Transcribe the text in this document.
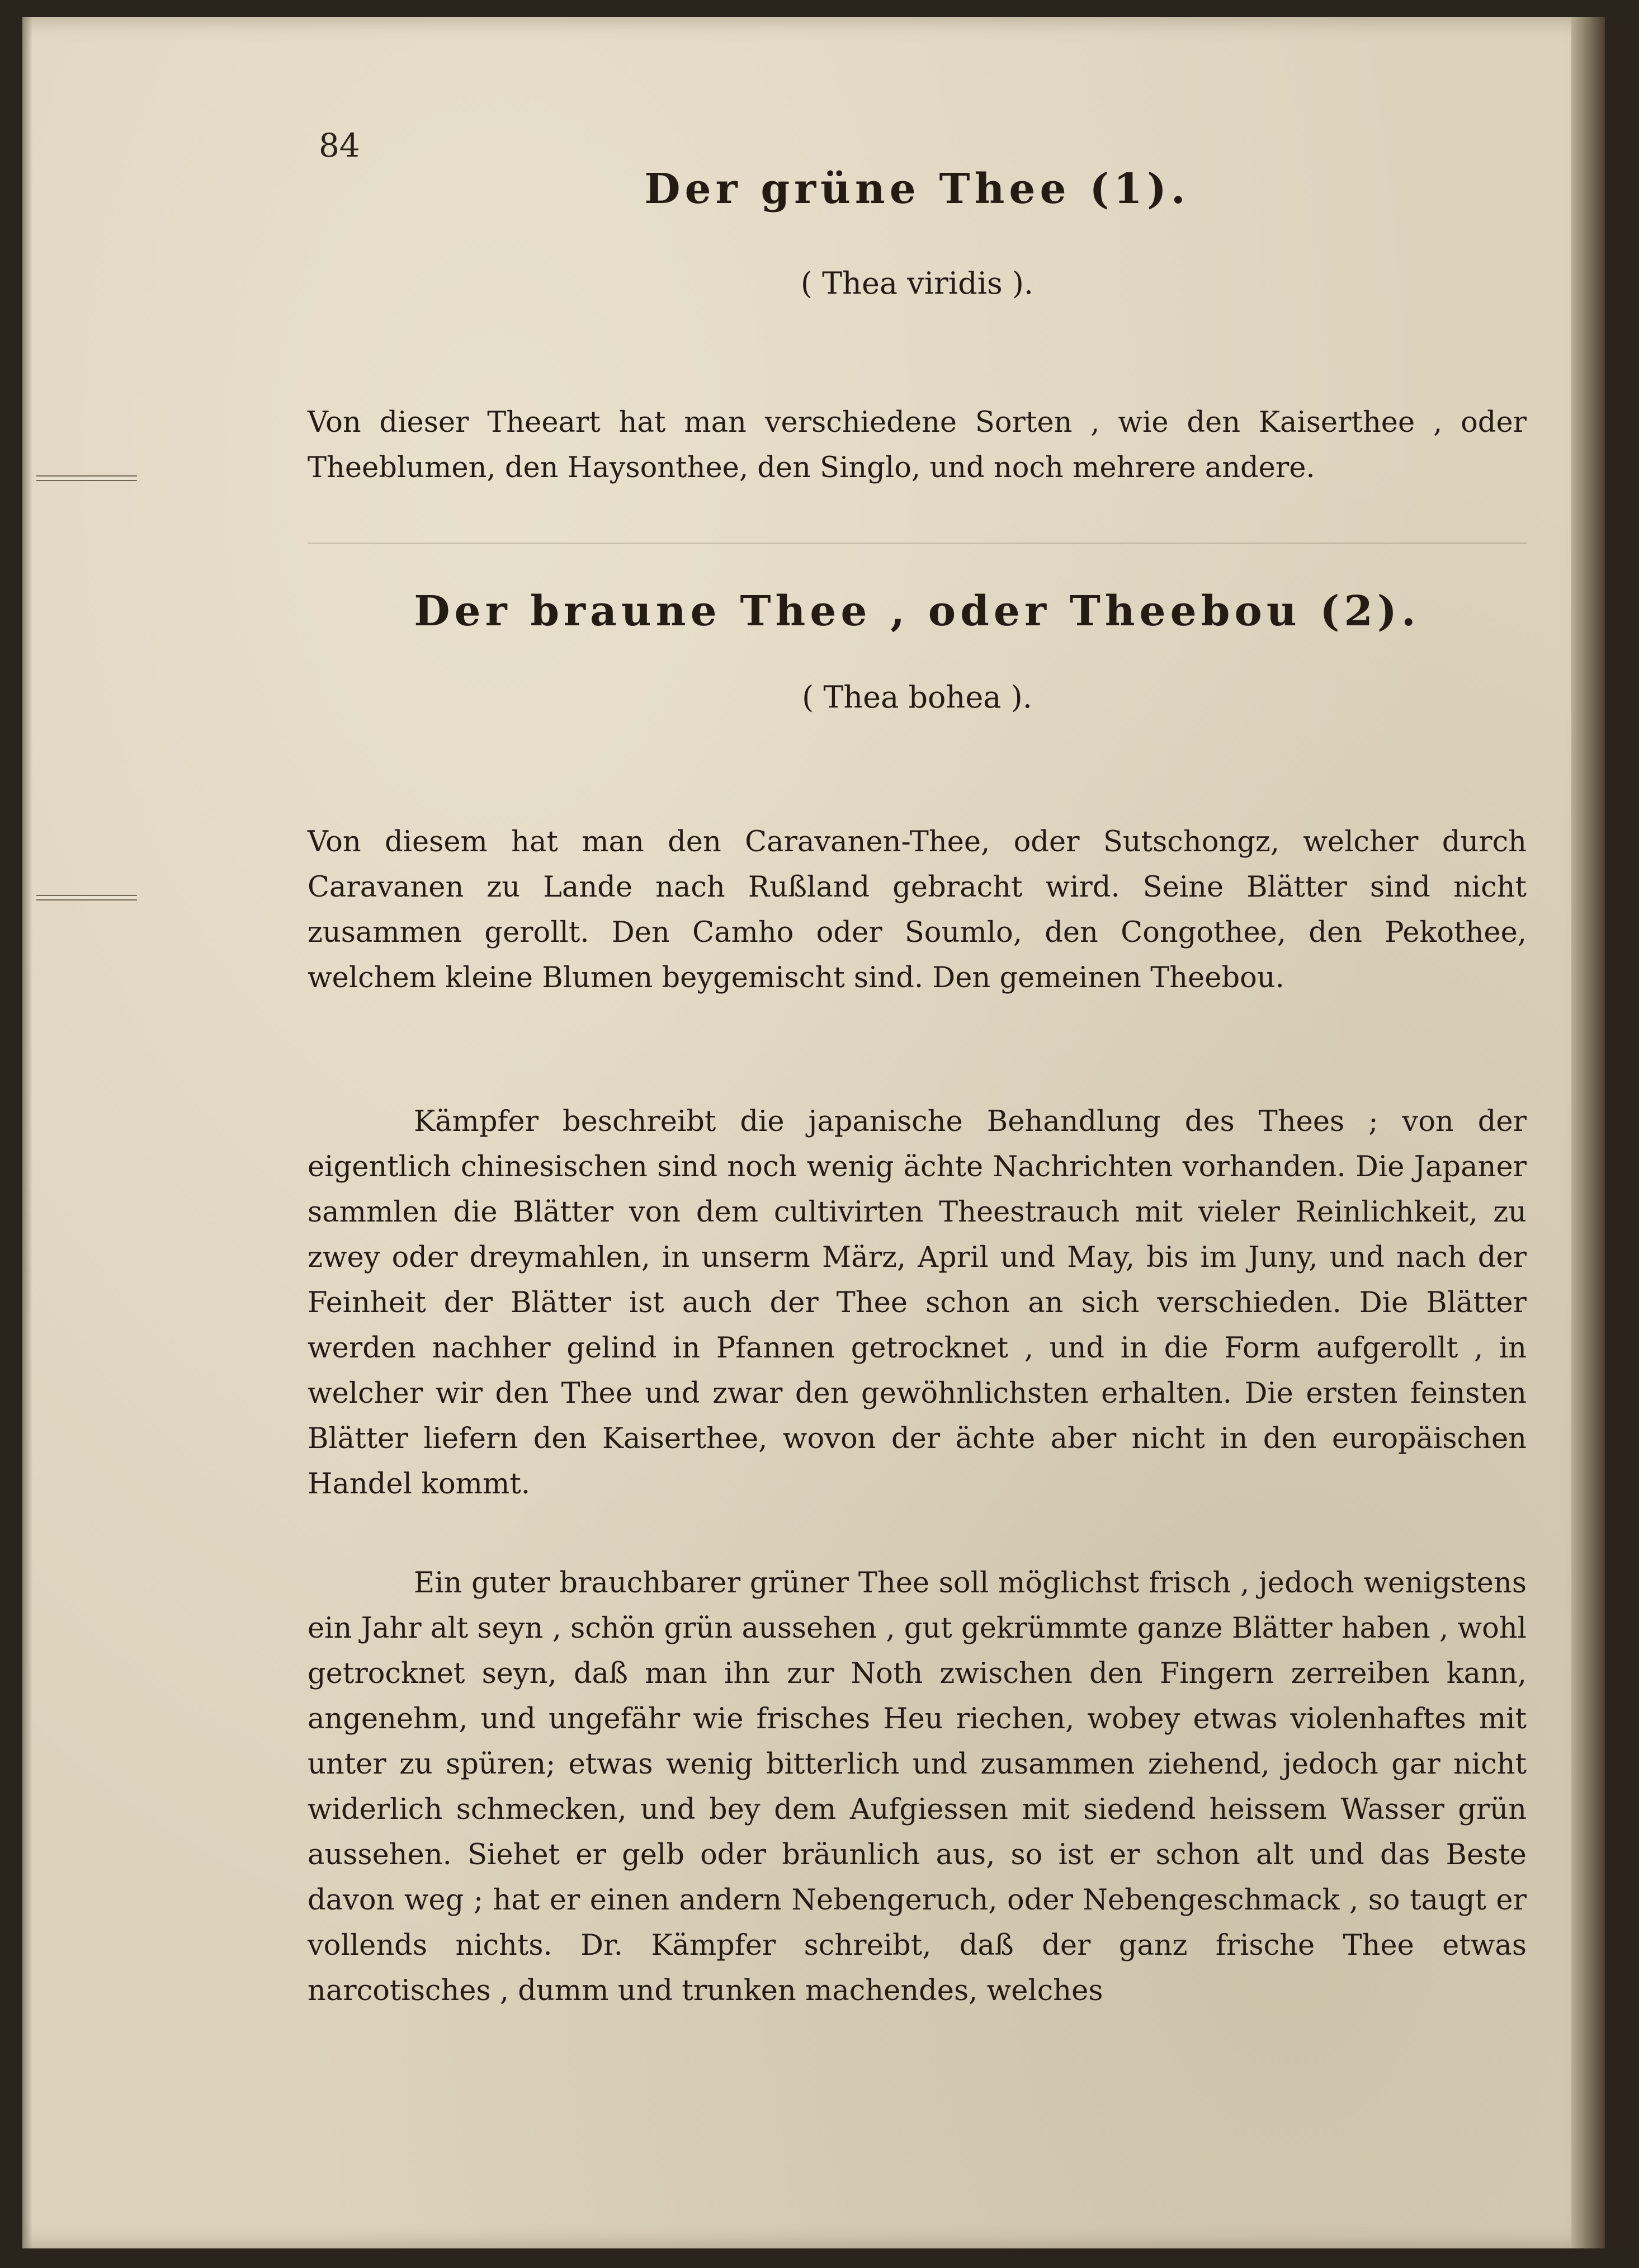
84
Der grüne Thee (1).
( Thea viridis ).
Von dieser Theeart hat man verschiedene Sorten , wie den Kaiserthee , oder Theeblumen, den Haysonthee, den Singlo, und noch mehrere andere.
Der braune Thee , oder Theebou (2).
( Thea bohea ).
Von diesem hat man den Caravanen-Thee, oder Sutschongz, welcher durch Caravanen zu Lande nach Rußland gebracht wird. Seine Blätter sind nicht zusammen gerollt. Den Camho oder Soumlo, den Congothee, den Pekothee, welchem kleine Blumen beygemischt sind. Den gemeinen Theebou.
Kämpfer beschreibt die japanische Behandlung des Thees ; von der eigentlich chinesischen sind noch wenig ächte Nachrichten vorhanden. Die Japaner sammlen die Blätter von dem cultivirten Theestrauch mit vieler Reinlichkeit, zu zwey oder dreymahlen, in unserm März, April und May, bis im Juny, und nach der Feinheit der Blätter ist auch der Thee schon an sich verschieden. Die Blätter werden nachher gelind in Pfannen getrocknet , und in die Form aufgerollt , in welcher wir den Thee und zwar den gewöhnlichsten erhalten. Die ersten feinsten Blätter liefern den Kaiserthee, wovon der ächte aber nicht in den europäischen Handel kommt.
Ein guter brauchbarer grüner Thee soll möglichst frisch , jedoch wenigstens ein Jahr alt seyn , schön grün aussehen , gut gekrümmte ganze Blätter haben , wohl getrocknet seyn, daß man ihn zur Noth zwischen den Fingern zerreiben kann, angenehm, und ungefähr wie frisches Heu riechen, wobey etwas violenhaftes mit unter zu spüren; etwas wenig bitterlich und zusammen ziehend, jedoch gar nicht widerlich schmecken, und bey dem Aufgiessen mit siedend heissem Wasser grün aussehen. Siehet er gelb oder bräunlich aus, so ist er schon alt und das Beste davon weg ; hat er einen andern Nebengeruch, oder Nebengeschmack , so taugt er vollends nichts. Dr. Kämpfer schreibt, daß der ganz frische Thee etwas narcotisches , dumm und trunken machendes, welches
